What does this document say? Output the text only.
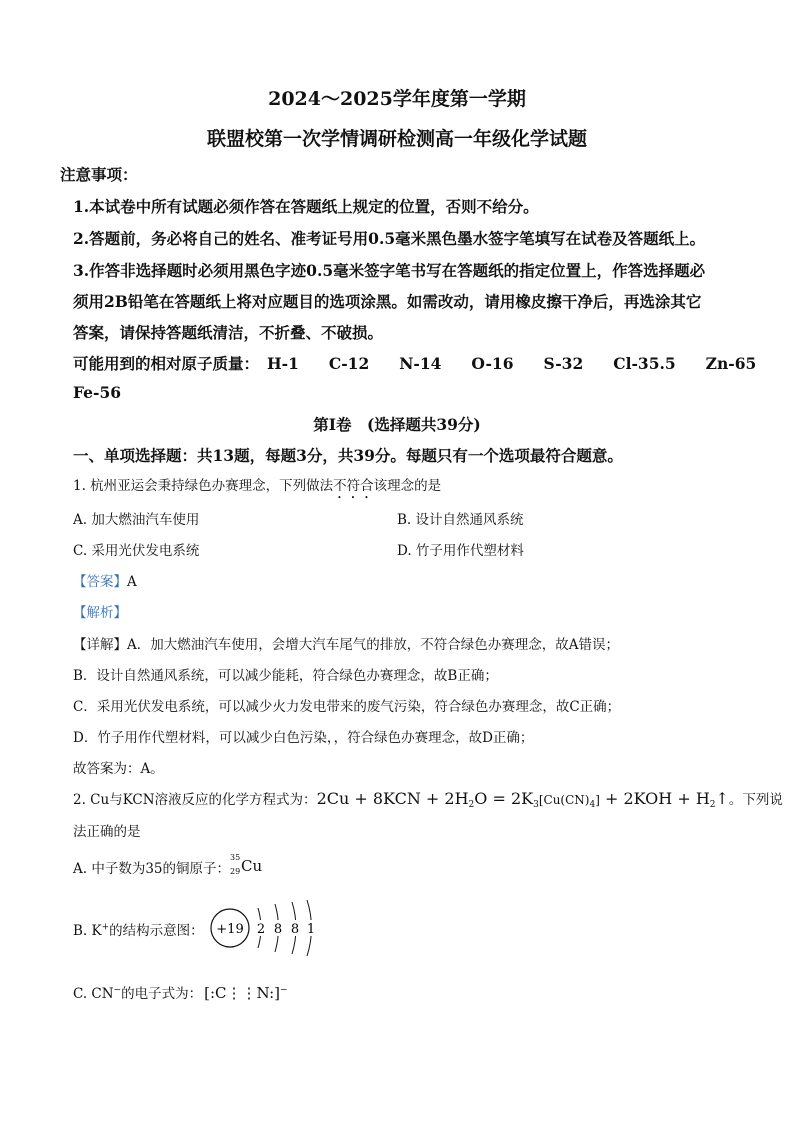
2024～2025学年度第一学期
联盟校第一次学情调研检测高一年级化学试题
注意事项：
1.本试卷中所有试题必须作答在答题纸上规定的位置，否则不给分。
2.答题前，务必将自己的姓名、准考证号用0.5毫米黑色墨水签字笔填写在试卷及答题纸上。
3.作答非选择题时必须用黑色字迹0.5毫米签字笔书写在答题纸的指定位置上，作答选择题必
须用2B铅笔在答题纸上将对应题目的选项涂黑。如需改动，请用橡皮擦干净后，再选涂其它
答案，请保持答题纸清洁，不折叠、不破损。
可能用到的相对原子质量： H-1 C-12 N-14 O-16 S-32 Cl-35.5 Zn-65
Fe-56
第Ⅰ卷　(选择题共39分)
一、单项选择题：共13题，每题3分，共39分。每题只有一个选项最符合题意。
1. 杭州亚运会秉持绿色办赛理念，下列做法不符合该理念的是
A. 加大燃油汽车使用	B. 设计自然通风系统
C. 采用光伏发电系统	D. 竹子用作代塑材料
【答案】A
【解析】
【详解】A．加大燃油汽车使用，会增大汽车尾气的排放，不符合绿色办赛理念，故A错误；
B．设计自然通风系统，可以减少能耗，符合绿色办赛理念，故B正确；
C．采用光伏发电系统，可以减少火力发电带来的废气污染，符合绿色办赛理念，故C正确；
D．竹子用作代塑材料，可以减少白色污染，，符合绿色办赛理念，故D正确；
故答案为：A。
2. Cu与KCN溶液反应的化学方程式为：$2Cu + 8KCN + 2H_2O = 2K_3[Cu(CN)_4] + 2KOH$ + $H_2↑$。下列说
法正确的是
A. 中子数为35的铜原子：
35
29 Cu
B. K+的结构示意图： +19 2 8 8 1
C. CN−的电子式为： [:C⋮⋮N:]−
